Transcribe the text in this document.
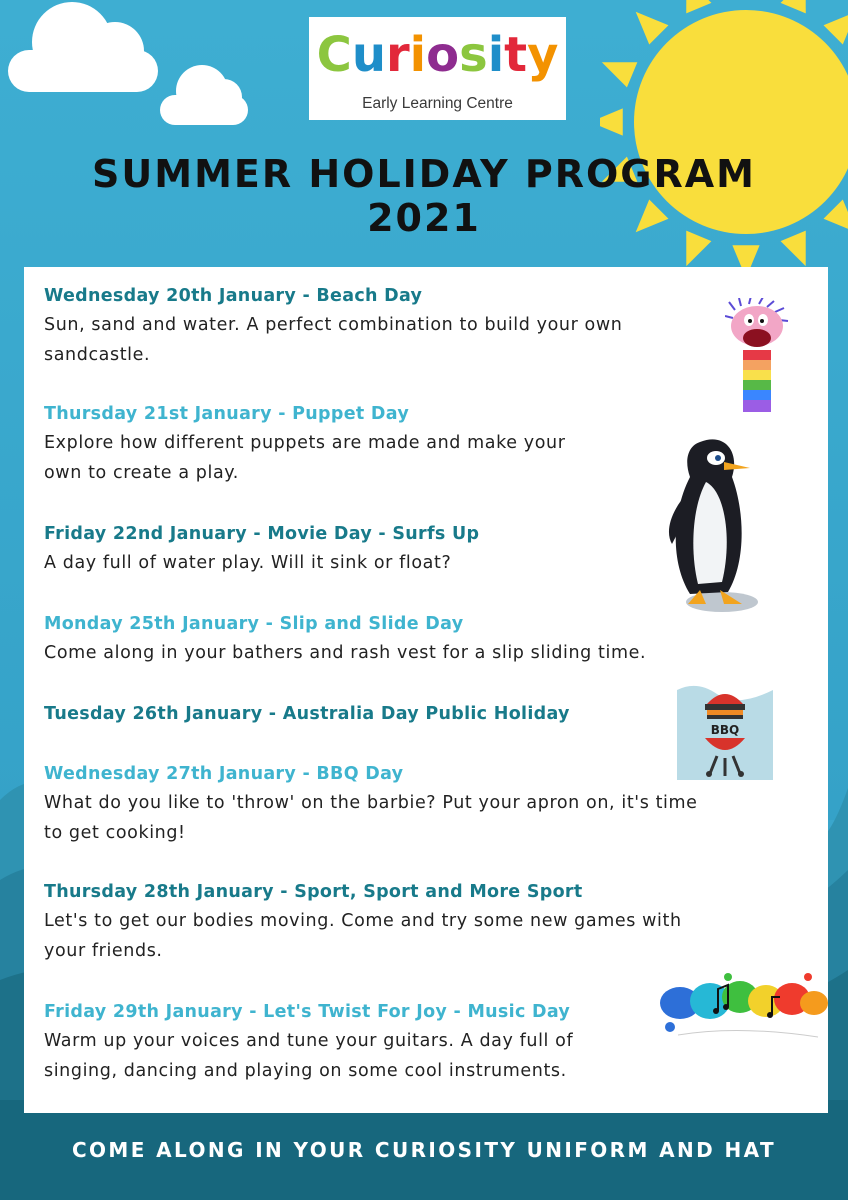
Curiosity
Early Learning Centre
SUMMER HOLIDAY PROGRAM
2021
Wednesday 20th January - Beach Day
Sun, sand and water. A perfect combination to build your own
sandcastle.
Thursday 21st January - Puppet Day
Explore how different puppets are made and make your
own to create a play.
Friday 22nd January - Movie Day - Surfs Up
A day full of water play. Will it sink or float?
Monday 25th January - Slip and Slide Day
Come along in your bathers and rash vest for a slip sliding time.
Tuesday 26th January - Australia Day Public Holiday
Wednesday 27th January - BBQ Day
What do you like to 'throw' on the barbie? Put your apron on, it's time
to get cooking!
Thursday 28th January - Sport, Sport and More Sport
Let's to get our bodies moving. Come and try some new games with
your friends.
Friday 29th January - Let's Twist For Joy - Music Day
Warm up your voices and tune your guitars. A day full of
singing, dancing and playing on some cool instruments.
BBQ
COME ALONG IN YOUR CURIOSITY UNIFORM AND HAT
